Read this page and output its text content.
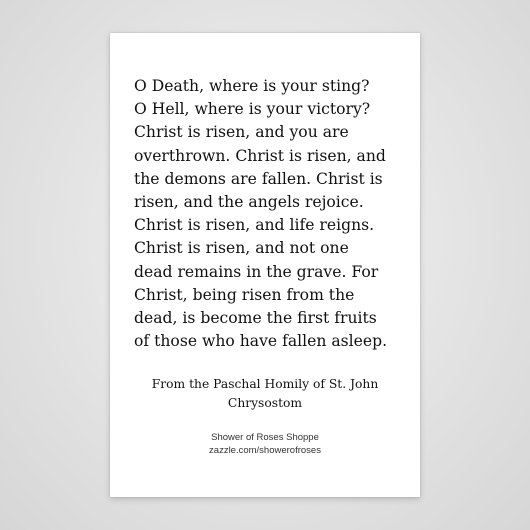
O Death, where is your sting?
O Hell, where is your victory?
Christ is risen, and you are
overthrown. Christ is risen, and
the demons are fallen. Christ is
risen, and the angels rejoice.
Christ is risen, and life reigns.
Christ is risen, and not one
dead remains in the grave. For
Christ, being risen from the
dead, is become the first fruits
of those who have fallen asleep.

From the Paschal Homily of St. John
Chrysostom
Shower of Roses Shoppe
zazzle.com/showerofroses
